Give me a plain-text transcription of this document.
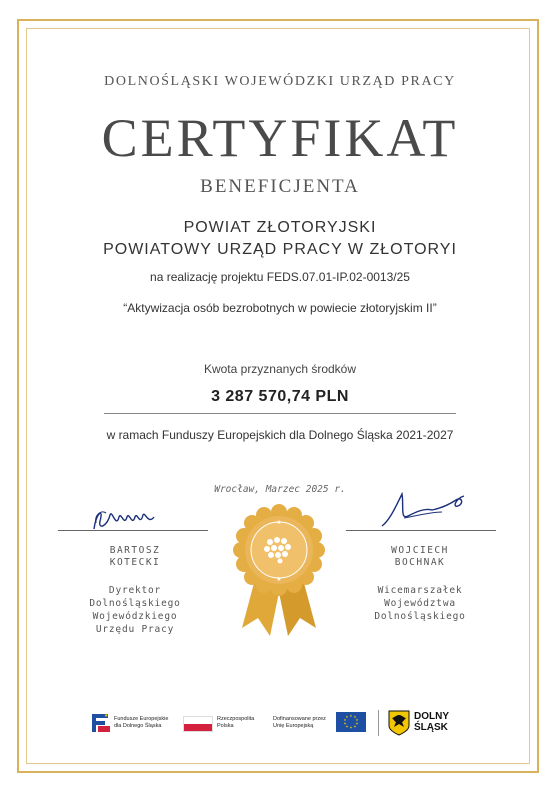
DOLNOŚLĄSKI WOJEWÓDZKI URZĄD PRACY
CERTYFIKAT
BENEFICJENTA
POWIAT ZŁOTORYJSKI
POWIATOWY URZĄD PRACY W ZŁOTORYI
na realizację projektu FEDS.07.01-IP.02-0013/25
“Aktywizacja osób bezrobotnych w powiecie złotoryjskim II”
Kwota przyznanych środków
3 287 570,74 PLN
w ramach Funduszy Europejskich dla Dolnego Śląska 2021-2027
Wrocław, Marzec 2025 r.
BARTOSZ
KOTECKI
Dyrektor
Dolnośląskiego
Wojewódzkiego
Urzędu Pracy
WOJCIECH
BOCHNAK
Wicemarszałek
Województwa
Dolnośląskiego
★
★
★ Fundusze Europejskie
dla Dolnego Śląska
Rzeczpospolita
Polska
Dofinansowane przez
Unię Europejską
★ ★
★
★
★
★
★
★
★
★	DOLNY
ŚLĄSK
